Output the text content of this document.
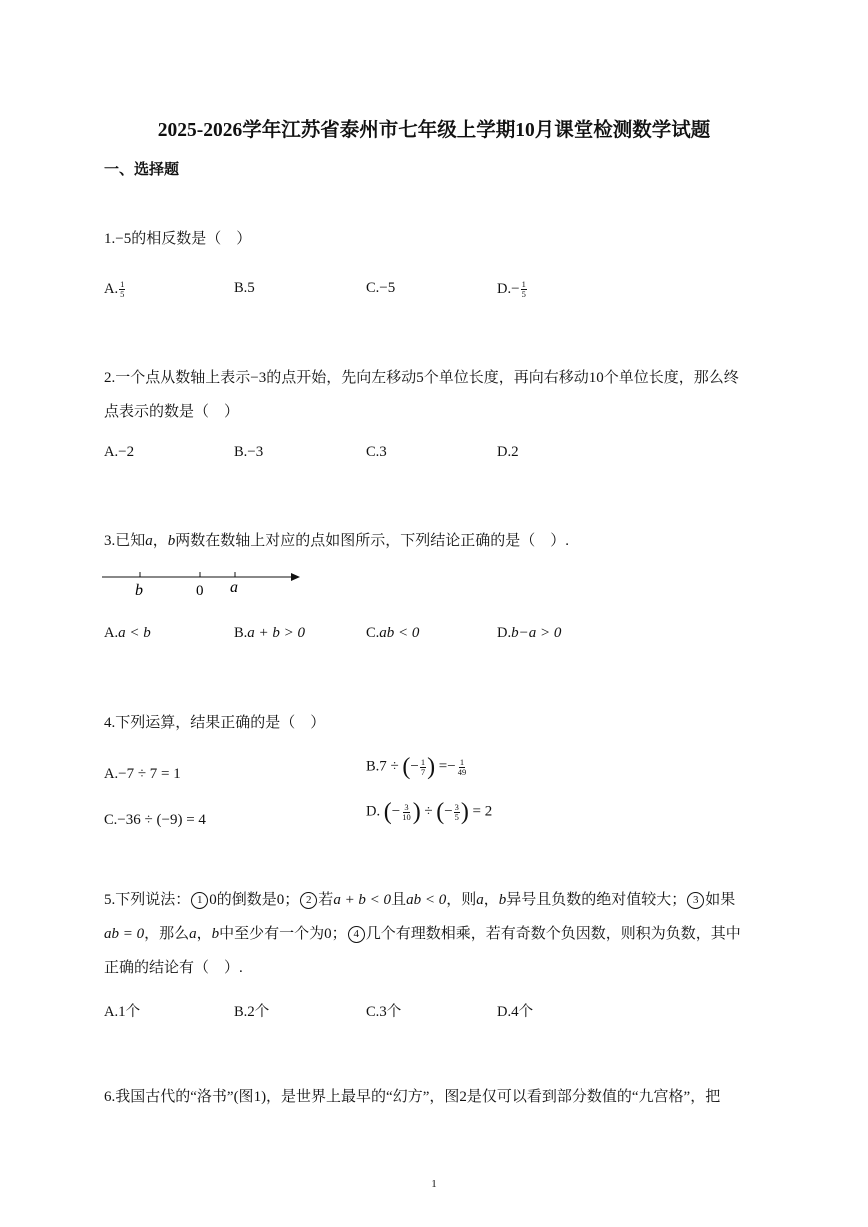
2025-2026学年江苏省泰州市七年级上学期10月课堂检测数学试题
一、选择题
1.−5的相反数是（　）
A. $\frac{1}{5}$	B.5	C.−5	$D.- \frac{1}{5}$
2.一个点从数轴上表示−3的点开始，先向左移动5个单位长度，再向右移动10个单位长度，那么终
点表示的数是（　）
A.−2	B.−3	C.3	D.2
3.已知a，b两数在数轴上对应的点如图所示，下列结论正确的是（　）.
b	0 a
A.a < b	B.a + b > 0	C.ab < 0	D.b−a > 0
4.下列运算，结果正确的是（　）
A.−7 ÷ 7 = 1	B.7 ÷ (− $\frac{1}{7}$ ) =− $\frac{1}{49}$
C.−36 ÷ (−9) = 4
D. (− $\frac{3}{10}$ ) ÷ (− $\frac{3}{5}$ ) = 2
5.下列说法： 1 0的倒数是0； 2 若a + b < 0且ab < 0，则a，b异号且负数的绝对值较大； 3 如果
ab = 0，那么a，b中至少有一个为0； 4 几个有理数相乘，若有奇数个负因数，则积为负数，其中
正确的结论有（　）.
A.1个	B.2个	C.3个	D.4个
6.我国古代的“洛书”(图1)，是世界上最早的“幻方”，图2是仅可以看到部分数值的“九宫格”，把
1
